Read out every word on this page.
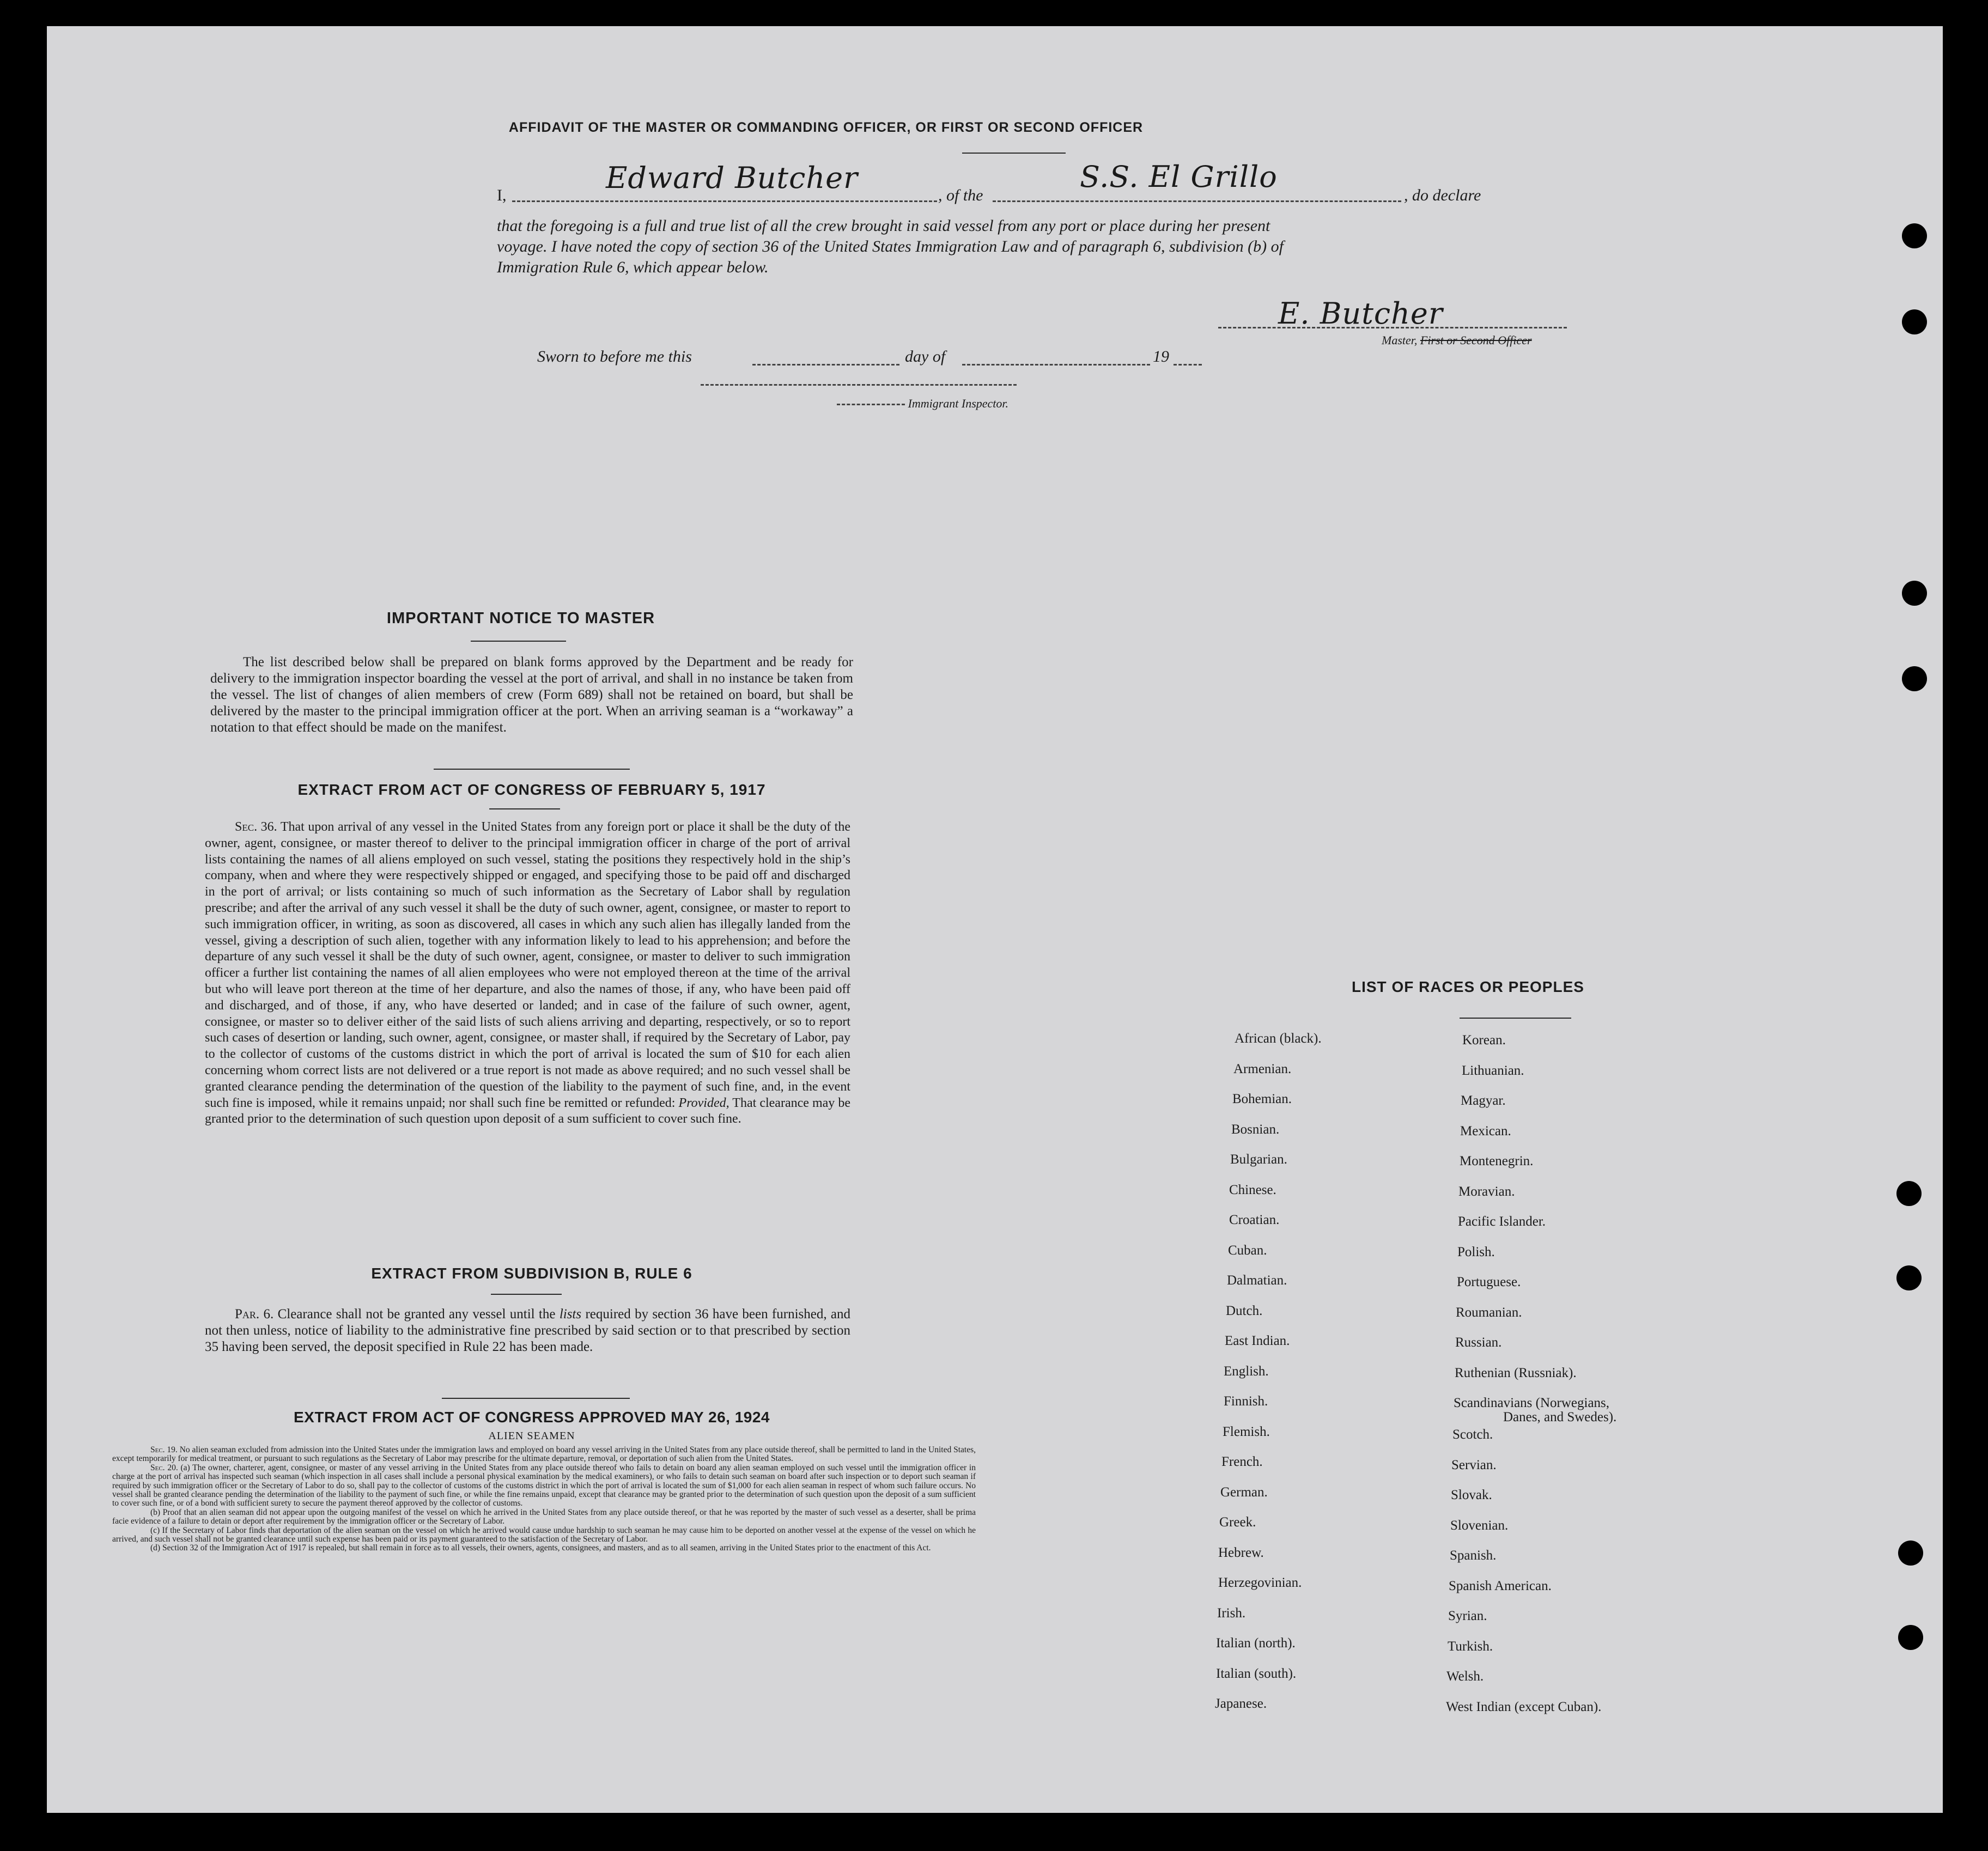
AFFIDAVIT OF THE MASTER OR COMMANDING OFFICER, OR FIRST OR SECOND OFFICER
I,
Edward Butcher
, of the
S.S. El Grillo
, do declare
that the foregoing is a full and true list of all the crew brought in said vessel from any port or place during her present
voyage. I have noted the copy of section 36 of the United States Immigration Law and of paragraph 6, subdivision (b) of
Immigration Rule 6, which appear below.
E. Butcher
Master, First or Second Officer
Sworn to before me this	day of	19
Immigrant Inspector.
IMPORTANT NOTICE TO MASTER
The list described below shall be prepared on blank forms approved by the Department and be ready for delivery to the immigration inspector boarding the vessel at the port of arrival, and shall in no instance be taken from the vessel. The list of changes of alien members of crew (Form 689) shall not be retained on board, but shall be delivered by the master to the principal immigration officer at the port. When an arriving seaman is a “workaway” a notation to that effect should be made on the manifest.
EXTRACT FROM ACT OF CONGRESS OF FEBRUARY 5, 1917
Sec. 36. That upon arrival of any vessel in the United States from any foreign port or place it shall be the duty of the owner, agent, consignee, or master thereof to deliver to the principal immigration officer in charge of the port of arrival lists containing the names of all aliens employed on such vessel, stating the positions they respectively hold in the ship’s company, when and where they were respectively shipped or engaged, and specifying those to be paid off and discharged in the port of arrival; or lists containing so much of such information as the Secretary of Labor shall by regulation prescribe; and after the arrival of any such vessel it shall be the duty of such owner, agent, consignee, or master to report to such immigration officer, in writing, as soon as discovered, all cases in which any such alien has illegally landed from the vessel, giving a description of such alien, together with any information likely to lead to his apprehension; and before the departure of any such vessel it shall be the duty of such owner, agent, consignee, or master to deliver to such immigration officer a further list containing the names of all alien employees who were not employed thereon at the time of the arrival but who will leave port thereon at the time of her departure, and also the names of those, if any, who have been paid off and discharged, and of those, if any, who have deserted or landed; and in case of the failure of such owner, agent, consignee, or master so to deliver either of the said lists of such aliens arriving and departing, respectively, or so to report such cases of desertion or landing, such owner, agent, consignee, or master shall, if required by the Secretary of Labor, pay to the collector of customs of the customs district in which the port of arrival is located the sum of $10 for each alien concerning whom correct lists are not delivered or a true report is not made as above required; and no such vessel shall be granted clearance pending the determination of the question of the liability to the payment of such fine, and, in the event such fine is imposed, while it remains unpaid; nor shall such fine be remitted or refunded: Provided, That clearance may be granted prior to the determination of such question upon deposit of a sum sufficient to cover such fine.
EXTRACT FROM SUBDIVISION B, RULE 6
Par. 6. Clearance shall not be granted any vessel until the lists required by section 36 have been furnished, and not then unless, notice of liability to the administrative fine prescribed by said section or to that prescribed by section 35 having been served, the deposit specified in Rule 22 has been made.
EXTRACT FROM ACT OF CONGRESS APPROVED MAY 26, 1924
ALIEN SEAMEN
Sec. 19. No alien seaman excluded from admission into the United States under the immigration laws and employed on board any vessel arriving in the United States from any place outside thereof, shall be permitted to land in the United States, except temporarily for medical treatment, or pursuant to such regulations as the Secretary of Labor may prescribe for the ultimate departure, removal, or deportation of such alien from the United States.
Sec. 20. (a) The owner, charterer, agent, consignee, or master of any vessel arriving in the United States from any place outside thereof who fails to detain on board any alien seaman employed on such vessel until the immigration officer in charge at the port of arrival has inspected such seaman (which inspection in all cases shall include a personal physical examination by the medical examiners), or who fails to detain such seaman on board after such inspection or to deport such seaman if required by such immigration officer or the Secretary of Labor to do so, shall pay to the collector of customs of the customs district in which the port of arrival is located the sum of $1,000 for each alien seaman in respect of whom such failure occurs. No vessel shall be granted clearance pending the determination of the liability to the payment of such fine, or while the fine remains unpaid, except that clearance may be granted prior to the determination of such question upon the deposit of a sum sufficient to cover such fine, or of a bond with sufficient surety to secure the payment thereof approved by the collector of customs.
(b) Proof that an alien seaman did not appear upon the outgoing manifest of the vessel on which he arrived in the United States from any place outside thereof, or that he was reported by the master of such vessel as a deserter, shall be prima facie evidence of a failure to detain or deport after requirement by the immigration officer or the Secretary of Labor.
(c) If the Secretary of Labor finds that deportation of the alien seaman on the vessel on which he arrived would cause undue hardship to such seaman he may cause him to be deported on another vessel at the expense of the vessel on which he arrived, and such vessel shall not be granted clearance until such expense has been paid or its payment guaranteed to the satisfaction of the Secretary of Labor.
(d) Section 32 of the Immigration Act of 1917 is repealed, but shall remain in force as to all vessels, their owners, agents, consignees, and masters, and as to all seamen, arriving in the United States prior to the enactment of this Act.
LIST OF RACES OR PEOPLES
African (black).
Armenian.
Bohemian.
Bosnian.
Bulgarian.
Chinese.
Croatian.
Cuban.
Dalmatian.
Dutch.
East Indian.
English.
Finnish.
Flemish.
French.
German.
Greek.
Hebrew.
Herzegovinian.
Irish.
Italian (north).
Italian (south).
Japanese.
Korean.
Lithuanian.
Magyar.
Mexican.
Montenegrin.
Moravian.
Pacific Islander.
Polish.
Portuguese.
Roumanian.
Russian.
Ruthenian (Russniak).
Scandinavians (Norwegians,
Danes, and Swedes).
Scotch.
Servian.
Slovak.
Slovenian.
Spanish.
Spanish American.
Syrian.
Turkish.
Welsh.
West Indian (except Cuban).
